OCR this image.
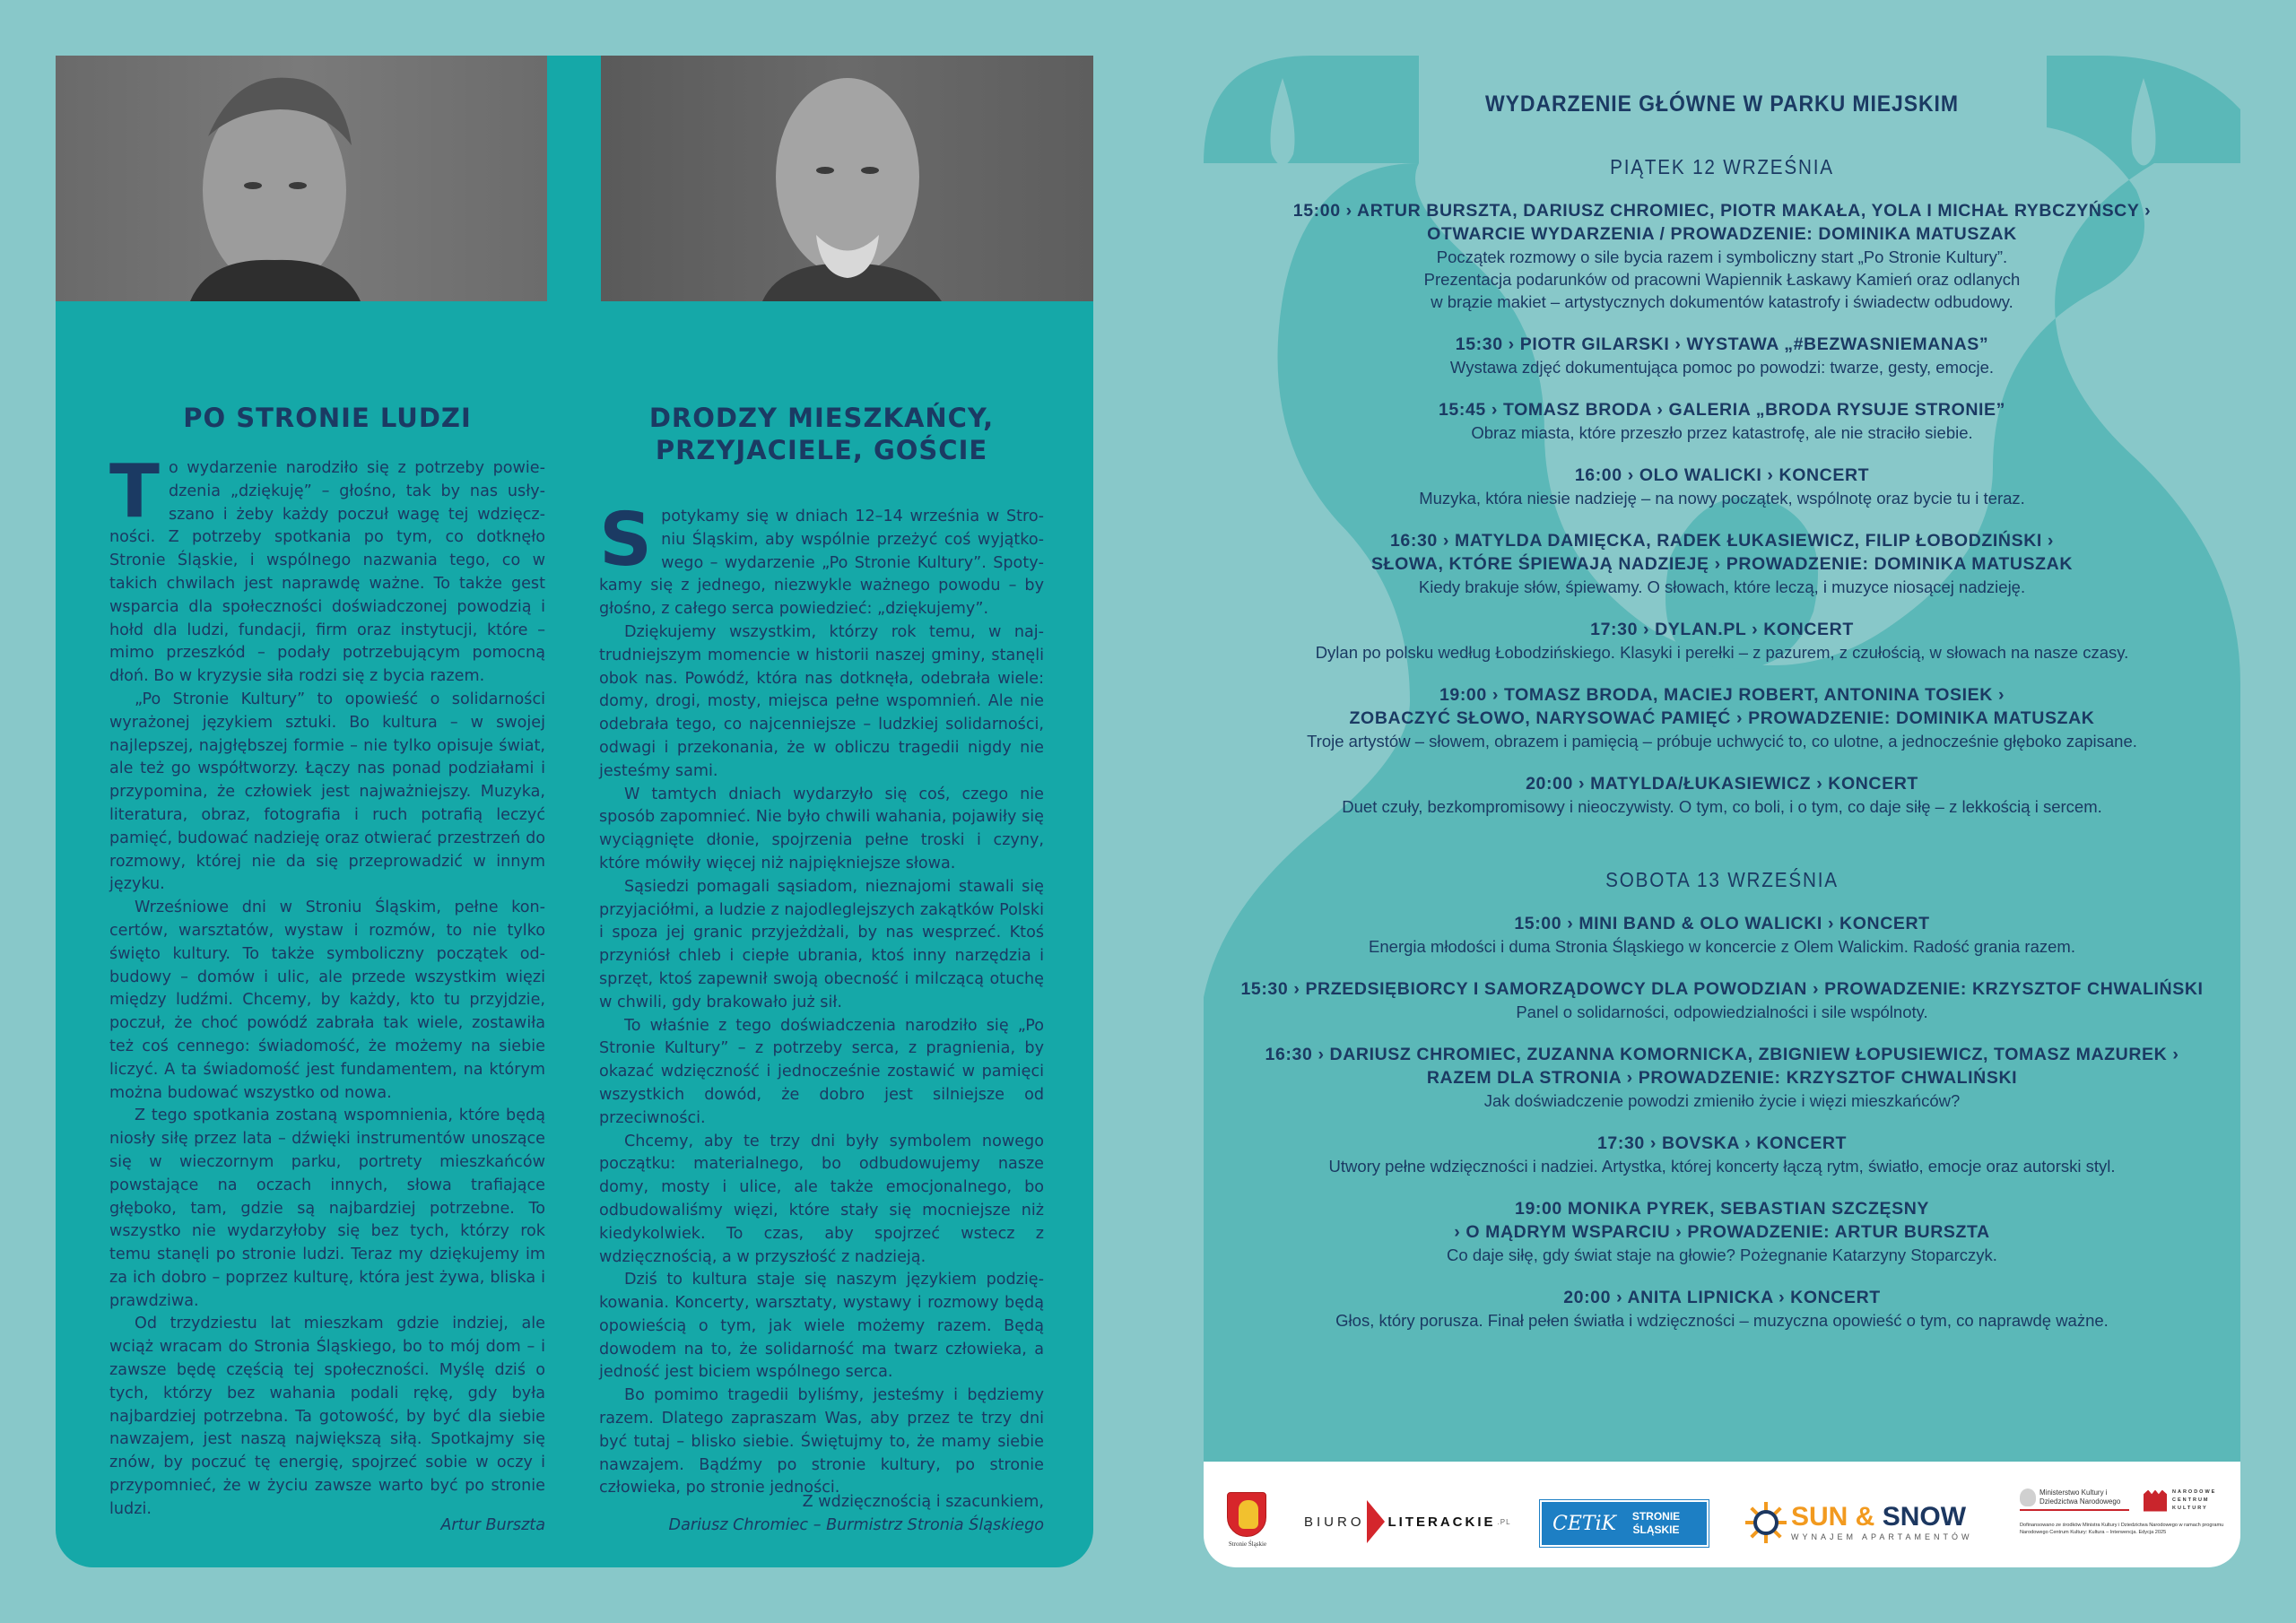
PO STRONIE LUDZI

To wydarzenie narodziło się z potrzeby powiedzenia „dziękuję” – głośno, tak by nas usłyszano i żeby każdy poczuł wagę tej wdzięczności. Z potrzeby spotkania po tym, co dotknęło Stronie Śląskie, i wspólnego nazwania tego, co w takich chwilach jest naprawdę ważne. To także gest wsparcia dla społeczności doświadczonej powodzią i hołd dla ludzi, fundacji, firm oraz instytucji, które – mimo przeszkód – podały potrzebującym pomocną dłoń. Bo w kryzysie siła rodzi się z bycia razem.

„Po Stronie Kultury” to opowieść o solidarności wyrażonej językiem sztuki. Bo kultura – w swojej najlepszej, najgłębszej formie – nie tylko opisuje świat, ale też go współtworzy. Łączy nas ponad podziałami i przypomina, że człowiek jest najważniejszy. Muzyka, literatura, obraz, fotografia i ruch potrafią leczyć pamięć, budować nadzieję oraz otwierać przestrzeń do rozmowy, której nie da się przeprowadzić w innym języku.

Wrześniowe dni w Stroniu Śląskim, pełne koncertów, warsztatów, wystaw i rozmów, to nie tylko święto kultury. To także symboliczny początek odbudowy – domów i ulic, ale przede wszystkim więzi między ludźmi. Chcemy, by każdy, kto tu przyjdzie, poczuł, że choć powódź zabrała tak wiele, zostawiła też coś cennego: świadomość, że możemy na siebie liczyć. A ta świadomość jest fundamentem, na którym można budować wszystko od nowa.

Z tego spotkania zostaną wspomnienia, które będą niosły siłę przez lata – dźwięki instrumentów unoszące się w wieczornym parku, portrety mieszkańców powstające na oczach innych, słowa trafiające głęboko, tam, gdzie są najbardziej potrzebne. To wszystko nie wydarzyłoby się bez tych, którzy rok temu stanęli po stronie ludzi. Teraz my dziękujemy im za ich dobro – poprzez kulturę, która jest żywa, bliska i prawdziwa.

Od trzydziestu lat mieszkam gdzie indziej, ale wciąż wracam do Stronia Śląskiego, bo to mój dom – i zawsze będę częścią tej społeczności. Myślę dziś o tych, którzy bez wahania podali rękę, gdy była najbardziej potrzebna. Ta gotowość, by być dla siebie nawzajem, jest naszą największą siłą. Spotkajmy się znów, by poczuć tę energię, spojrzeć sobie w oczy i przypomnieć, że w życiu zawsze warto być po stronie ludzi.

Artur Burszta
DRODZY MIESZKAŃCY,
PRZYJACIELE, GOŚCIE

Spotykamy się w dniach 12–14 września w Stroniu Śląskim, aby wspólnie przeżyć coś wyjątkowego – wydarzenie „Po Stronie Kultury”. Spotykamy się z jednego, niezwykle ważnego powodu – by głośno, z całego serca powiedzieć: „dziękujemy”.

Dziękujemy wszystkim, którzy rok temu, w najtrudniejszym momencie w historii naszej gminy, stanęli obok nas. Powódź, która nas dotknęła, odebrała wiele: domy, drogi, mosty, miejsca pełne wspomnień. Ale nie odebrała tego, co najcenniejsze – ludzkiej solidarności, odwagi i przekonania, że w obliczu tragedii nigdy nie jesteśmy sami.

W tamtych dniach wydarzyło się coś, czego nie sposób zapomnieć. Nie było chwili wahania, pojawiły się wyciągnięte dłonie, spojrzenia pełne troski i czyny, które mówiły więcej niż najpiękniejsze słowa.

Sąsiedzi pomagali sąsiadom, nieznajomi stawali się przyjaciółmi, a ludzie z najodleglejszych zakątków Polski i spoza jej granic przyjeżdżali, by nas wesprzeć. Ktoś przyniósł chleb i ciepłe ubrania, ktoś inny narzędzia i sprzęt, ktoś zapewnił swoją obecność i milczącą otuchę w chwili, gdy brakowało już sił.

To właśnie z tego doświadczenia narodziło się „Po Stronie Kultury” – z potrzeby serca, z pragnienia, by okazać wdzięczność i jednocześnie zostawić w pamięci wszystkich dowód, że dobro jest silniejsze od przeciwności.

Chcemy, aby te trzy dni były symbolem nowego początku: materialnego, bo odbudowujemy nasze domy, mosty i ulice, ale także emocjonalnego, bo odbudowaliśmy więzi, które stały się mocniejsze niż kiedykolwiek. To czas, aby spojrzeć wstecz z wdzięcznością, a w przyszłość z nadzieją.

Dziś to kultura staje się naszym językiem podziękowania. Koncerty, warsztaty, wystawy i rozmowy będą opowieścią o tym, jak wiele możemy razem. Będą dowodem na to, że solidarność ma twarz człowieka, a jedność jest biciem wspólnego serca.

Bo pomimo tragedii byliśmy, jesteśmy i będziemy razem. Dlatego zapraszam Was, aby przez te trzy dni być tutaj – blisko siebie. Świętujmy to, że mamy siebie nawzajem. Bądźmy po stronie kultury, po stronie człowieka, po stronie jedności.

Z wdzięcznością i szacunkiem,
Dariusz Chromiec – Burmistrz Stronia Śląskiego
WYDARZENIE GŁÓWNE W PARKU MIEJSKIM
PIĄTEK 12 WRZEŚNIA
15:00 › ARTUR BURSZTA, DARIUSZ CHROMIEC, PIOTR MAKAŁA, YOLA I MICHAŁ RYBCZYŃSCY ›
OTWARCIE WYDARZENIA / PROWADZENIE: DOMINIKA MATUSZAK
Początek rozmowy o sile bycia razem i symboliczny start „Po Stronie Kultury”.
Prezentacja podarunków od pracowni Wapiennik Łaskawy Kamień oraz odlanych
w brązie makiet – artystycznych dokumentów katastrofy i świadectw odbudowy.
15:30 › PIOTR GILARSKI › WYSTAWA „#BEZWASNIEMANAS”
Wystawa zdjęć dokumentująca pomoc po powodzi: twarze, gesty, emocje.
15:45 › TOMASZ BRODA › GALERIA „BRODA RYSUJE STRONIE”
Obraz miasta, które przeszło przez katastrofę, ale nie straciło siebie.
16:00 › OLO WALICKI › KONCERT
Muzyka, która niesie nadzieję – na nowy początek, wspólnotę oraz bycie tu i teraz.
16:30 › MATYLDA DAMIĘCKA, RADEK ŁUKASIEWICZ, FILIP ŁOBODZIŃSKI ›
SŁOWA, KTÓRE ŚPIEWAJĄ NADZIEJĘ › PROWADZENIE: DOMINIKA MATUSZAK
Kiedy brakuje słów, śpiewamy. O słowach, które leczą, i muzyce niosącej nadzieję.
17:30 › DYLAN.PL › KONCERT
Dylan po polsku według Łobodzińskiego. Klasyki i perełki – z pazurem, z czułością, w słowach na nasze czasy.
19:00 › TOMASZ BRODA, MACIEJ ROBERT, ANTONINA TOSIEK ›
ZOBACZYĆ SŁOWO, NARYSOWAĆ PAMIĘĆ › PROWADZENIE: DOMINIKA MATUSZAK
Troje artystów – słowem, obrazem i pamięcią – próbuje uchwycić to, co ulotne, a jednocześnie głęboko zapisane.
20:00 › MATYLDA/ŁUKASIEWICZ › KONCERT
Duet czuły, bezkompromisowy i nieoczywisty. O tym, co boli, i o tym, co daje siłę – z lekkością i sercem.
SOBOTA 13 WRZEŚNIA
15:00 › MINI BAND & OLO WALICKI › KONCERT
Energia młodości i duma Stronia Śląskiego w koncercie z Olem Walickim. Radość grania razem.
15:30 › PRZEDSIĘBIORCY I SAMORZĄDOWCY DLA POWODZIAN › PROWADZENIE: KRZYSZTOF CHWALIŃSKI
Panel o solidarności, odpowiedzialności i sile wspólnoty.
16:30 › DARIUSZ CHROMIEC, ZUZANNA KOMORNICKA, ZBIGNIEW ŁOPUSIEWICZ, TOMASZ MAZUREK ›
RAZEM DLA STRONIA › PROWADZENIE: KRZYSZTOF CHWALIŃSKI
Jak doświadczenie powodzi zmieniło życie i więzi mieszkańców?
17:30 › BOVSKA › KONCERT
Utwory pełne wdzięczności i nadziei. Artystka, której koncerty łączą rytm, światło, emocje oraz autorski styl.
19:00 MONIKA PYREK, SEBASTIAN SZCZĘSNY
› O MĄDRYM WSPARCIU › PROWADZENIE: ARTUR BURSZTA
Co daje siłę, gdy świat staje na głowie? Pożegnanie Katarzyny Stoparczyk.
20:00 › ANITA LIPNICKA › KONCERT
Głos, który porusza. Finał pełen światła i wdzięczności – muzyczna opowieść o tym, co naprawdę ważne.
Stronie Śląskie
BIURO LITERACKIE .PL CETiK	STRONIE ŚLĄSKIE	SUN & SNOW
WYNAJEM APARTAMENTÓW
Ministerstwo Kultury i Dziedzictwa Narodowego
NARODOWE CENTRUM KULTURY
Dofinansowano ze środków Ministra Kultury i Dziedzictwa Narodowego w ramach programu Narodowego Centrum Kultury: Kultura – Interwencja. Edycja 2025
